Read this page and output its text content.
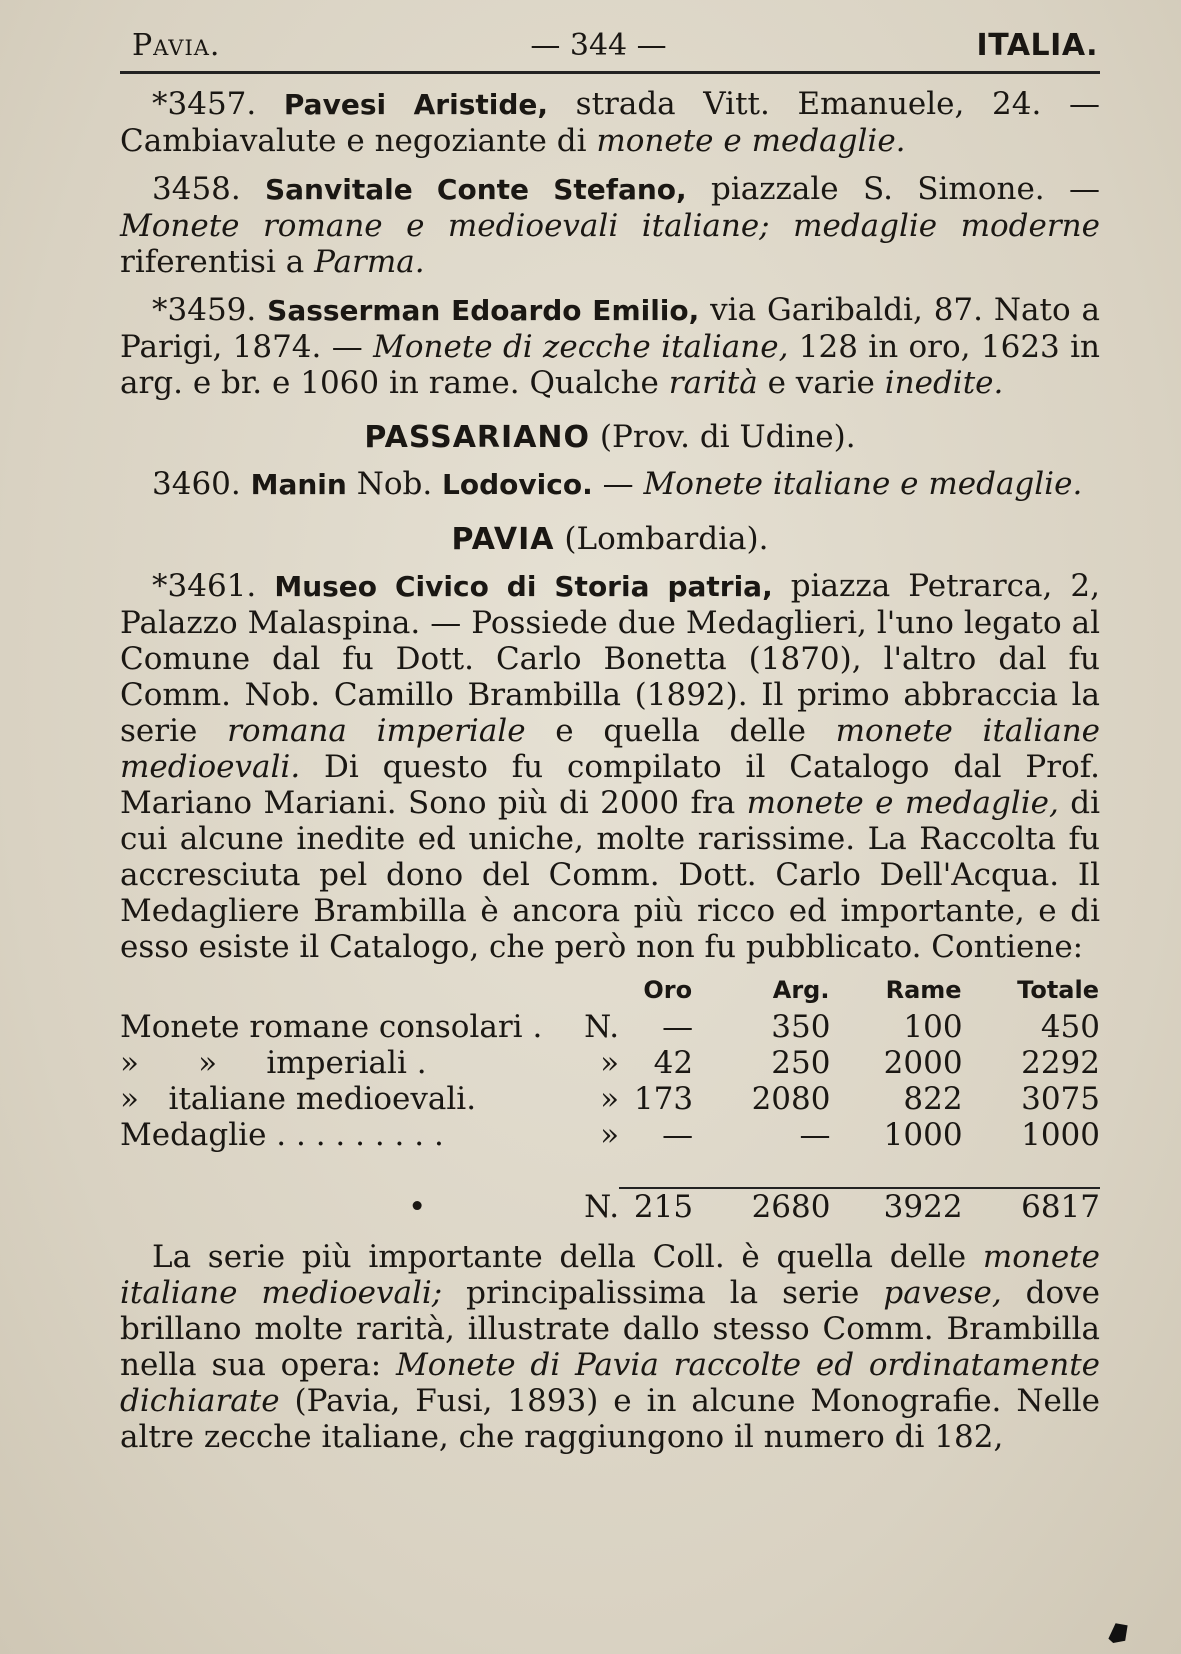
Pavia.	— 344 —	ITALIA.
*3457. Pavesi Aristide, strada Vitt. Emanuele, 24. — Cambiavalute e negoziante di monete e medaglie.
3458. Sanvitale Conte Stefano, piazzale S. Simone. — Monete romane e medioevali italiane; medaglie moderne riferentisi a Parma.
*3459. Sasserman Edoardo Emilio, via Garibaldi, 87. Nato a Parigi, 1874. — Monete di zecche italiane, 128 in oro, 1623 in arg. e br. e 1060 in rame. Qualche rarità e varie inedite.
PASSARIANO (Prov. di Udine).
3460. Manin Nob. Lodovico. — Monete italiane e medaglie.
PAVIA (Lombardia).
*3461. Museo Civico di Storia patria, piazza Petrarca, 2, Palazzo Malaspina. — Possiede due Medaglieri, l'uno legato al Comune dal fu Dott. Carlo Bonetta (1870), l'altro dal fu Comm. Nob. Camillo Brambilla (1892). Il primo abbraccia la serie romana imperiale e quella delle monete italiane medioevali. Di questo fu compilato il Catalogo dal Prof. Mariano Mariani. Sono più di 2000 fra monete e medaglie, di cui alcune inedite ed uniche, molte rarissime. La Raccolta fu accresciuta pel dono del Comm. Dott. Carlo Dell'Acqua. Il Medagliere Brambilla è ancora più ricco ed importante, e di esso esiste il Catalogo, che però non fu pubblicato. Contiene:
		Oro	Arg.	Rame	Totale
Monete romane consolari .	N.	—	350	100	450
»      »     imperiali .	»	42	250	2000	2292
»   italiane medioevali.	»	173	2080	822	3075
Medaglie . . . . . . . . .	»	—	—	1000	1000

•	N.	215	2680	3922	6817
La serie più importante della Coll. è quella delle monete italiane medioevali; principalissima la serie pavese, dove brillano molte rarità, illustrate dallo stesso Comm. Brambilla nella sua opera: Monete di Pavia raccolte ed ordinatamente dichiarate (Pavia, Fusi, 1893) e in alcune Monografie. Nelle altre zecche italiane, che raggiungono il numero di 182,
